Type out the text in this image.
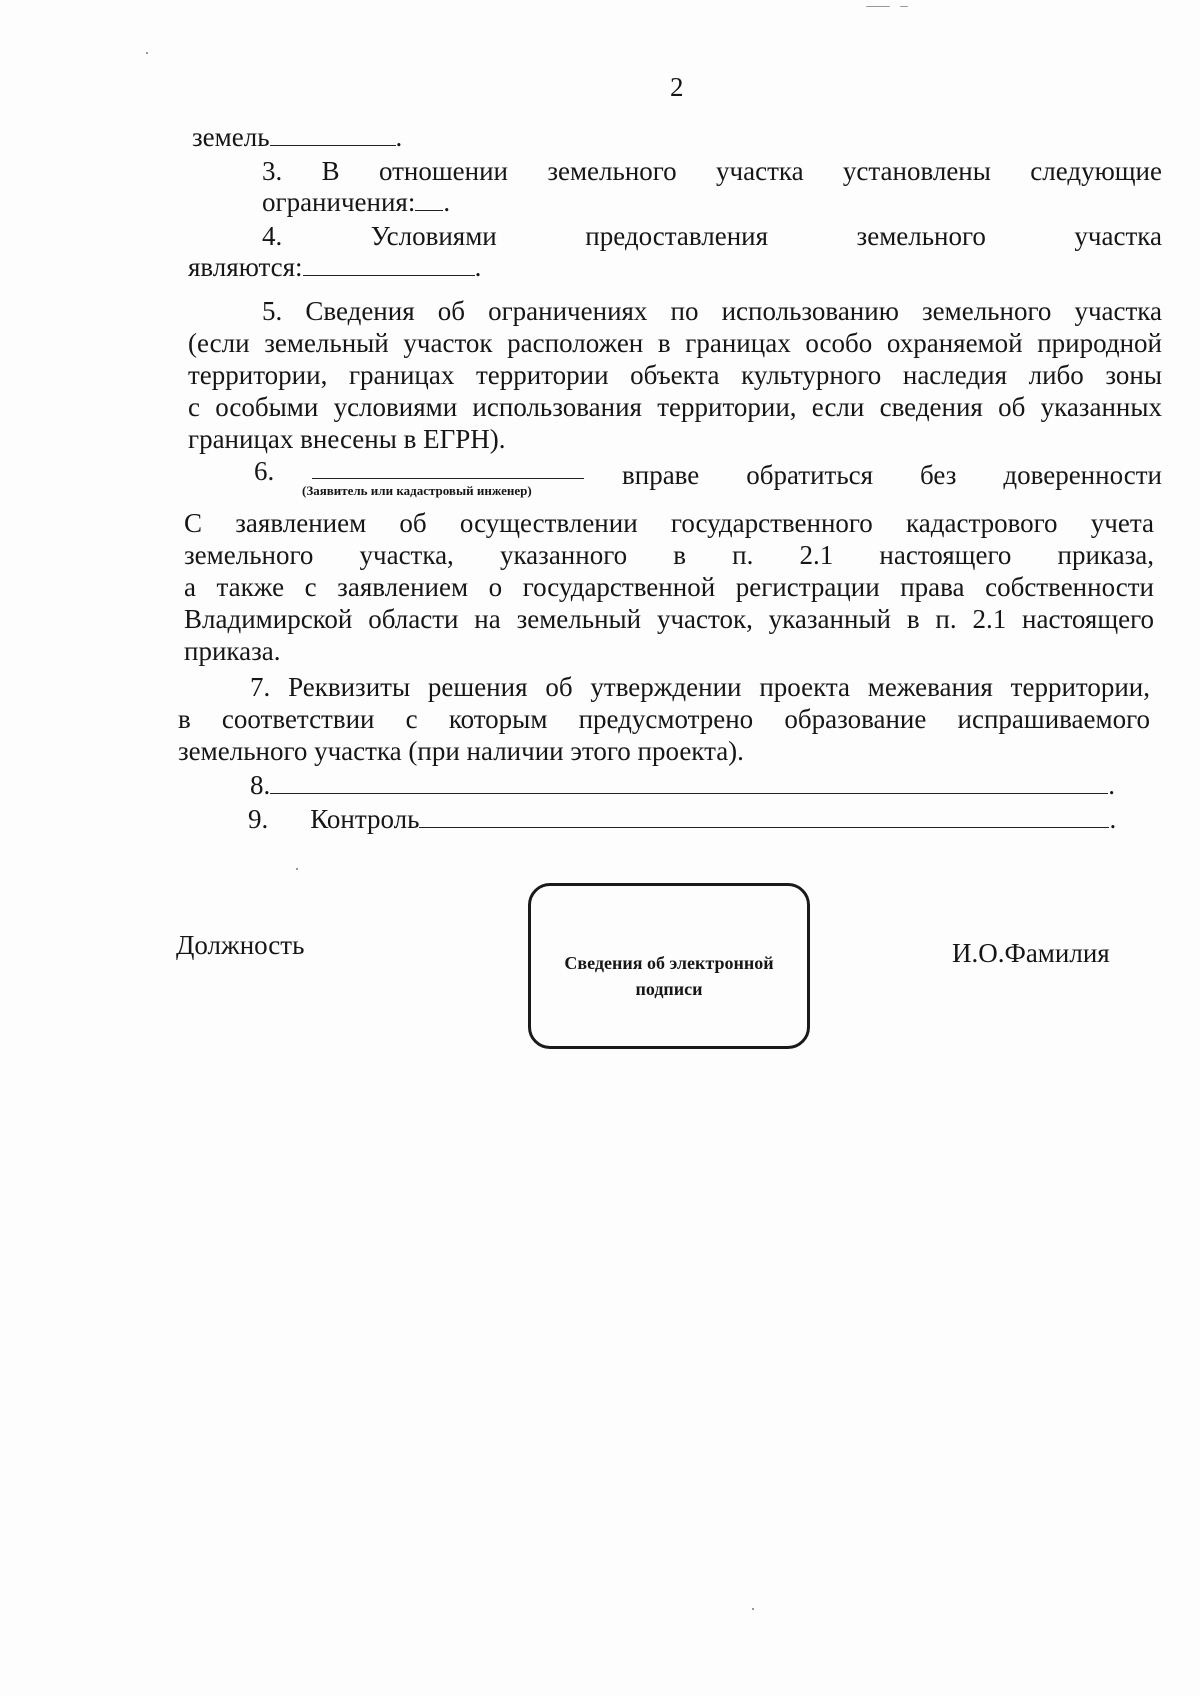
2
земель	.
3. В отношении земельного участка установлены следующие
ограничения: .
4.	Условиями	предоставления	земельного	участка
являются:	.
5. Сведения об ограничениях по использованию земельного участка
(если земельный участок расположен в границах особо охраняемой природной
территории, границах территории объекта культурного наследия либо зоны
с особыми условиями использования территории, если сведения об указанных
границах внесены в ЕГРН).
6.
(Заявитель или кадастровый инженер)
вправе обратиться без доверенности
С заявлением об осуществлении государственного кадастрового учета
земельного участка, указанного в п. 2.1 настоящего приказа,
а также с заявлением о государственной регистрации права собственности
Владимирской области на земельный участок, указанный в п. 2.1 настоящего
приказа.
7. Реквизиты решения об утверждении проекта межевания территории,
в соответствии с которым предусмотрено образование испрашиваемого
земельного участка (при наличии этого проекта).
8.	.
9. Контроль	.
Должность
Сведения об электронной подписи
И.О.Фамилия
